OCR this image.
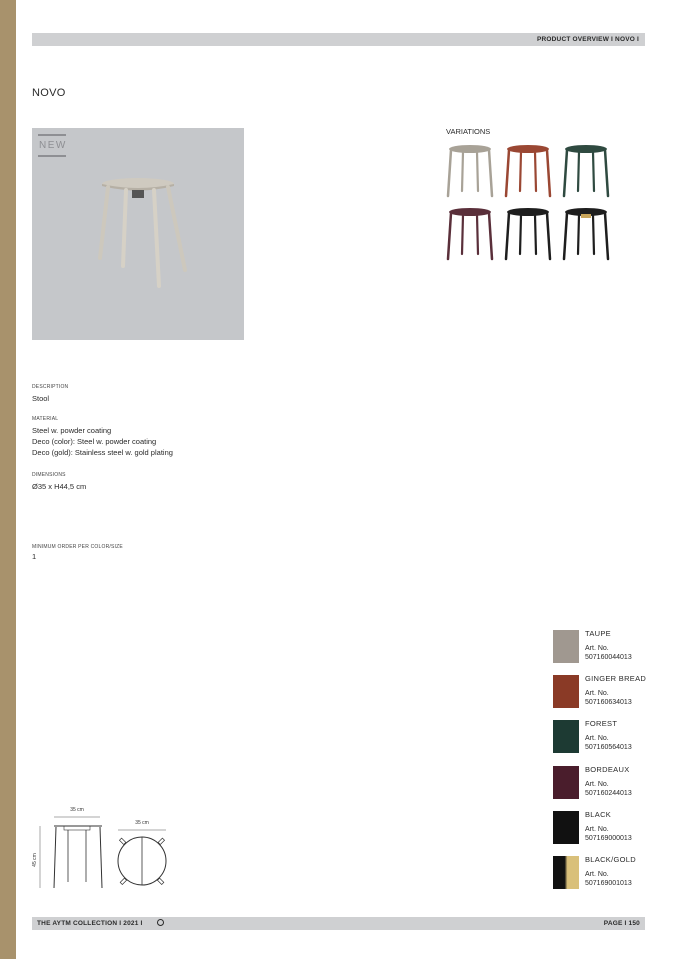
PRODUCT OVERVIEW I NOVO I
NOVO
NEW
VARIATIONS
DESCRIPTION
Stool
MATERIAL
Steel w. powder coating
Deco (color): Steel w. powder coating
Deco (gold): Stainless steel w. gold plating
DIMENSIONS
Ø35 x H44,5 cm
MINIMUM ORDER PER COLOR/SIZE
1
TAUPE
Art. No.
507160044013
GINGER BREAD
Art. No.
507160634013
FOREST
Art. No.
507160564013
BORDEAUX
Art. No.
507160244013
BLACK
Art. No.
507169000013
BLACK/GOLD
Art. No.
507169001013
35 cm
45 cm
35 cm
THE AYTM COLLECTION I 2021 I	PAGE I 150
